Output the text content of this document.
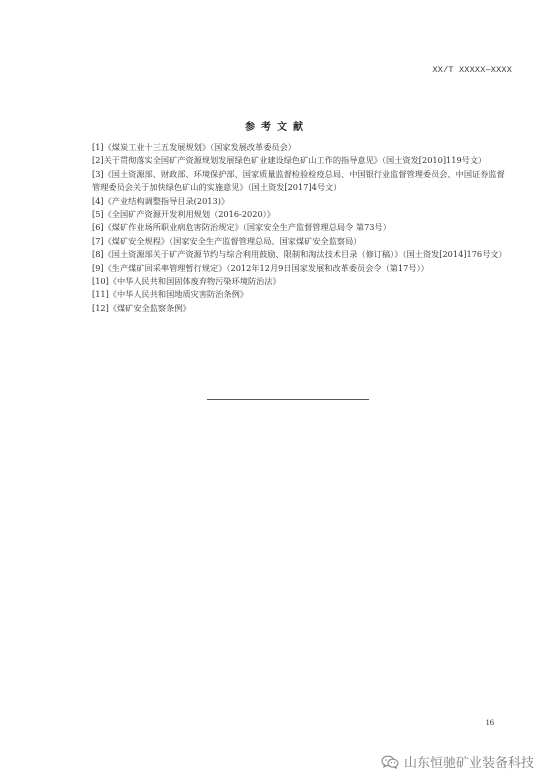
XX/T XXXXX—XXXX
参考文献
[1]《煤炭工业十三五发展规划》（国家发展改革委员会）
[2]关于贯彻落实全国矿产资源规划发展绿色矿业建设绿色矿山工作的指导意见》（国土资发[2010]119号文）
[3]《国土资源部、财政部、环境保护部、国家质量监督检验检疫总局、中国银行业监督管理委员会、中国证券监督管理委员会关于加快绿色矿山的实施意见》（国土资发[2017]4号文）
[4]《产业结构调整指导目录(2013)》
[5]《全国矿产资源开发利用规划（2016-2020）》
[6]《煤矿作业场所职业病危害防治规定》（国家安全生产监督管理总局令 第73号）
[7]《煤矿安全规程》（国家安全生产监督管理总局、国家煤矿安全监察局）
[8]《国土资源部关于矿产资源节约与综合利用鼓励、限制和淘汰技术目录（修订稿）》（国土资发[2014]176号文）
[9]《生产煤矿回采率管理暂行规定》（2012年12月9日国家发展和改革委员会令（第17号））
[10]《中华人民共和国固体废弃物污染环境防治法》
[11]《中华人民共和国地质灾害防治条例》
[12]《煤矿安全监察条例》
16
山东恒驰矿业装备科技
